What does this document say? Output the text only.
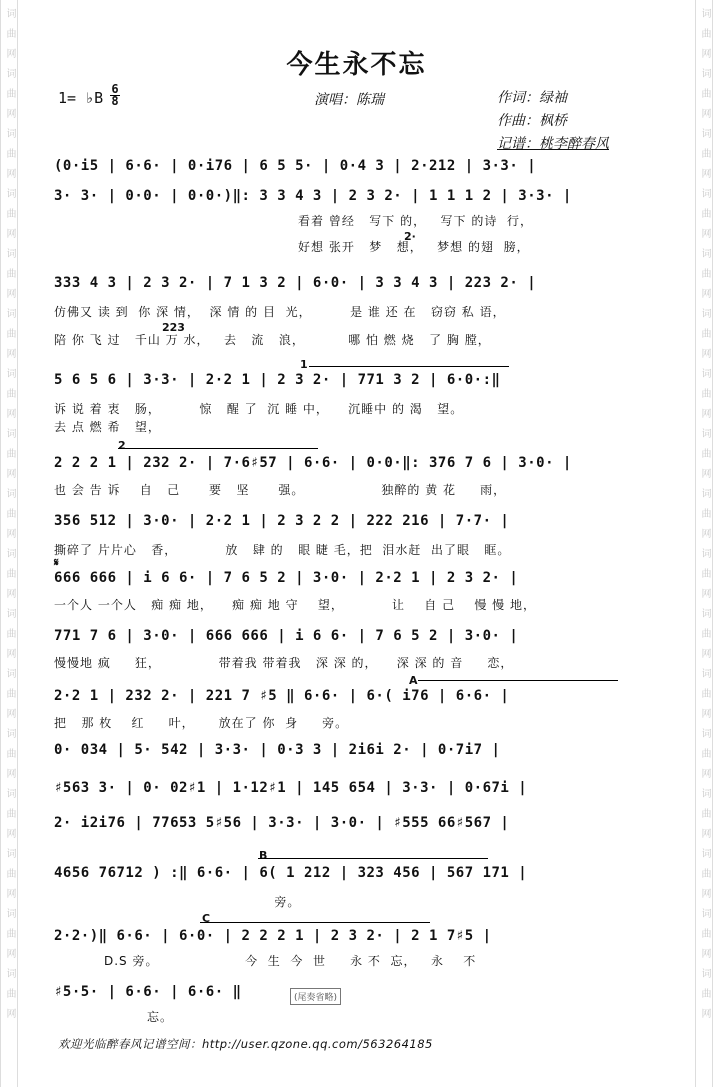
词
曲
网
词
曲
网
词
曲
网
词
曲
网
词
曲
网
词
曲
网
词
曲
网
词
曲
网
词
曲
网
词
曲
网
词
曲
网
词
曲
网
词
曲
网
词
曲
网
词
曲
网
词
曲
网
词
曲
网
词
曲
网
词
曲
网
词
曲
网
词
曲
网
词
曲
网
词
曲
网
词
曲
网
词
曲
网
词
曲
网
词
曲
网
词
曲
网
词
曲
网
词
曲
网
词
曲
网
词
曲
网
词
曲
网
词
曲
网
今生永不忘
1= ♭B 6
8	演唱：陈瑞	作词：绿袖
作曲：枫桥
记谱：桃李醉春风
(0·i5 | 6·6· | 0·i76 | 6 5 5· | 0·4 3 | 2·212 | 3·3· |
3· 3· | 0·0· | 0·0·)‖: 3 3 4 3 | 2 3 2· | 1 1 1 2 | 3·3· |
看着 曾经   写下 的，   写下 的诗  行，
好想 张开   梦   想，   梦想 的翅  膀，
2·
333 4 3 | 2 3 2· | 7 1 3 2 | 6·0· | 3 3 4 3 | 223 2· |
仿佛又 读 到  你 深 情，  深 情 的 目  光，        是 谁 还 在   窃窃 私 语，
陪 你 飞 过   千山 万 水，   去   流   浪，         哪 怕 燃 烧   了 胸 膛，
223
5 6 5 6 | 3·3· | 2·2 1 | 2 3 2· | 771 3 2 | 6·0·:‖
诉 说 着 衷   肠，        惊   醒 了  沉 睡 中，    沉睡中 的 渴   望。
去 点 燃 希   望，
1
2 2 2 1 | 232 2· | 7·6♯57 | 6·6· | 0·0·‖: 376 7 6 | 3·0· |
也 会 告 诉    自   己      要   坚      强。                独醉的 黄 花     雨，
2
356 512 | 3·0· | 2·2 1 | 2 3 2 2 | 222 216 | 7·7· |
撕碎了 片片心   香，          放   肆 的   眼 睫 毛，把  泪水赶  出了眼   眶。
666 666 | i 6 6· | 7 6 5 2 | 3·0· | 2·2 1 | 2 3 2· |
一个人 一个人   痴 痴 地，    痴 痴 地 守    望，          让    自 己    慢 慢 地，
𝄋
771 7 6 | 3·0· | 666 666 | i 6 6· | 7 6 5 2 | 3·0· |
慢慢地 疯     狂，            带着我 带着我   深 深 的，    深 深 的 音     恋，
2·2 1 | 232 2· | 221 7 ♯5 ‖ 6·6· | 6·( i76 | 6·6· |
把   那 枚    红     叶，     放在了 你  身     旁。
A
0· 034 | 5· 542 | 3·3· | 0·3 3 | 2i6i 2· | 0·7i7 |
♯563 3· | 0· 02♯1 | 1·12♯1 | 145 654 | 3·3· | 0·67i |
2· i2i76 | 77653 5♯56 | 3·3· | 3·0· | ♯555 66♯567 |
4656 76712 ) :‖ 6·6· | 6( 1 212 | 323 456 | 567 171 |
旁。
B
2·2·)‖ 6·6· | 6·0· | 2 2 2 1 | 2 3 2· | 2 1 7♯5 |
D.S 旁。                  今  生  今  世     永 不  忘，   永    不
C
♯5·5· | 6·6· | 6·6· ‖
忘。
(尾奏省略)
欢迎光临醉春风记谱空间：http://user.qzone.qq.com/563264185
